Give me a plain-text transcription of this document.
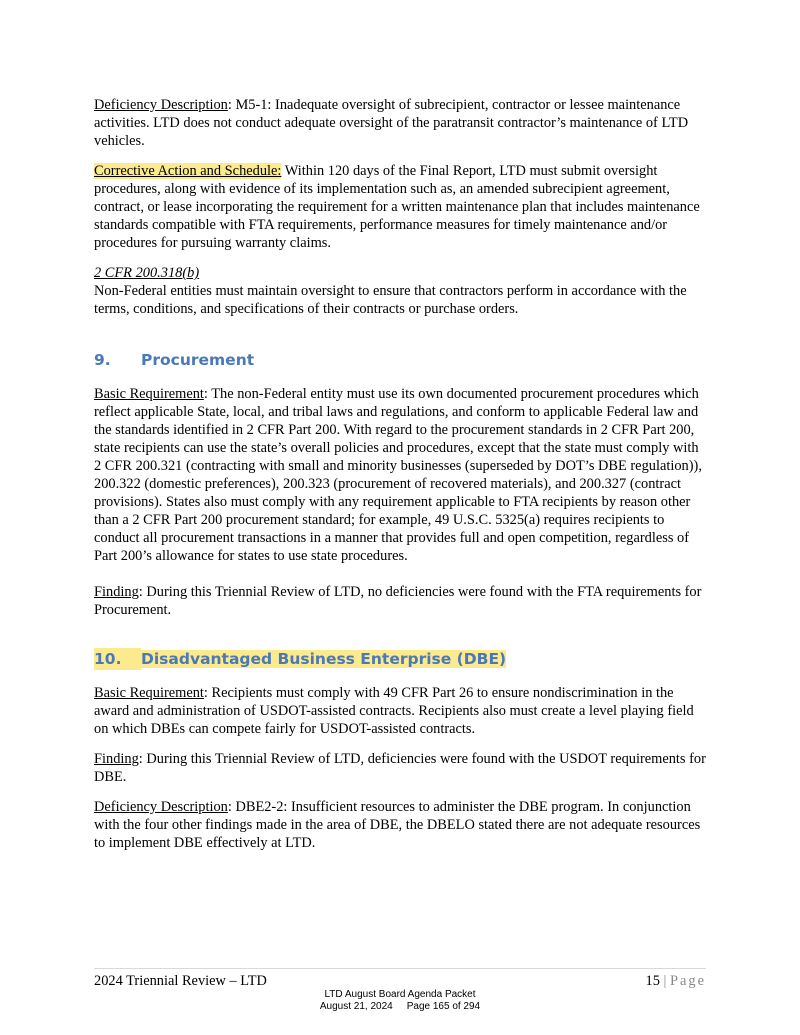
Deficiency Description: M5-1: Inadequate oversight of subrecipient, contractor or lessee maintenance activities. LTD does not conduct adequate oversight of the paratransit contractor’s maintenance of LTD vehicles.

Corrective Action and Schedule: Within 120 days of the Final Report, LTD must submit oversight procedures, along with evidence of its implementation such as, an amended subrecipient agreement, contract, or lease incorporating the requirement for a written maintenance plan that includes maintenance standards compatible with FTA requirements, performance measures for timely maintenance and/or procedures for pursuing warranty claims.

2 CFR 200.318(b)

Non-Federal entities must maintain oversight to ensure that contractors perform in accordance with the terms, conditions, and specifications of their contracts or purchase orders.

9. Procurement

Basic Requirement: The non-Federal entity must use its own documented procurement procedures which reflect applicable State, local, and tribal laws and regulations, and conform to applicable Federal law and the standards identified in 2 CFR Part 200. With regard to the procurement standards in 2 CFR Part 200, state recipients can use the state’s overall policies and procedures, except that the state must comply with 2 CFR 200.321 (contracting with small and minority businesses (superseded by DOT’s DBE regulation)), 200.322 (domestic preferences), 200.323 (procurement of recovered materials), and 200.327 (contract provisions). States also must comply with any requirement applicable to FTA recipients by reason other than a 2 CFR Part 200 procurement standard; for example, 49 U.S.C. 5325(a) requires recipients to conduct all procurement transactions in a manner that provides full and open competition, regardless of Part 200’s allowance for states to use state procedures.

Finding: During this Triennial Review of LTD, no deficiencies were found with the FTA requirements for Procurement.

10. Disadvantaged Business Enterprise (DBE)

Basic Requirement: Recipients must comply with 49 CFR Part 26 to ensure nondiscrimination in the award and administration of USDOT-assisted contracts. Recipients also must create a level playing field on which DBEs can compete fairly for USDOT-assisted contracts.

Finding: During this Triennial Review of LTD, deficiencies were found with the USDOT requirements for DBE.

Deficiency Description: DBE2-2: Insufficient resources to administer the DBE program. In conjunction with the four other findings made in the area of DBE, the DBELO stated there are not adequate resources to implement DBE effectively at LTD.

2024 Triennial Review – LTD	15 | Page
LTD August Board Agenda Packet
August 21, 2024 Page 165 of 294
